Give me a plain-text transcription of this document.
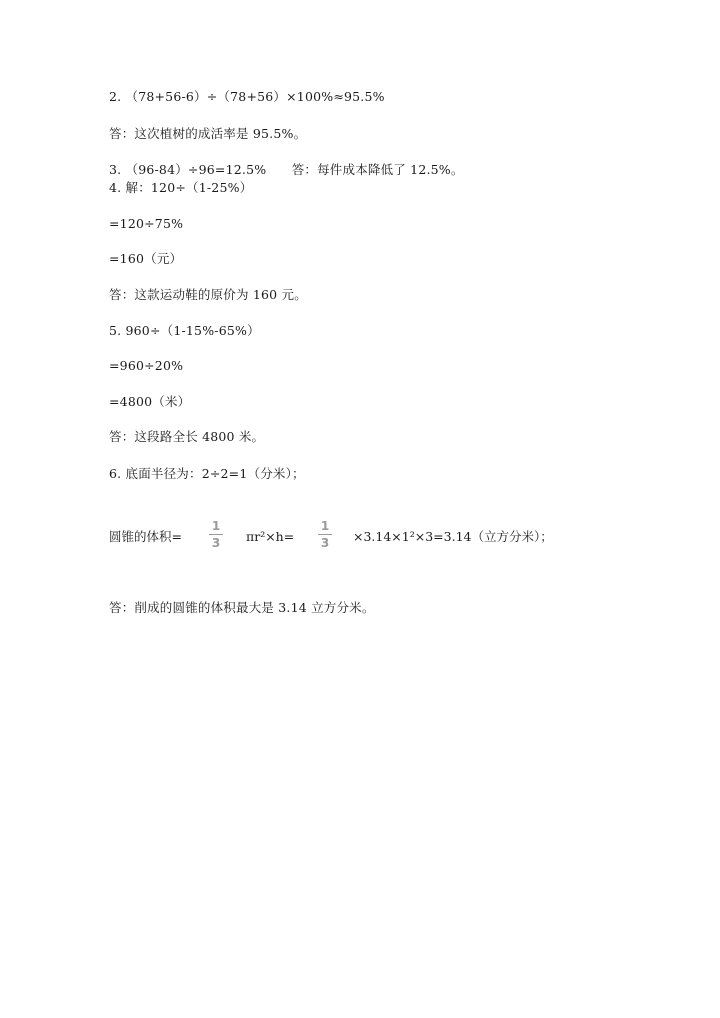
2. （78+56-6）÷（78+56）×100%≈95.5%
答：这次植树的成活率是 95.5%。
3. （96-84）÷96=12.5%　　答：每件成本降低了 12.5%。
4. 解：120÷（1-25%）
=120÷75%
=160（元）
答：这款运动鞋的原价为 160 元。
5. 960÷（1-15%-65%）
=960÷20%
=4800（米）
答：这段路全长 4800 米。
6. 底面半径为：2÷2=1（分米）；
圆锥的体积=
1
3 πr²×h=
1
3 ×3.14×1²×3=3.14（立方分米）；
答：削成的圆锥的体积最大是 3.14 立方分米。
